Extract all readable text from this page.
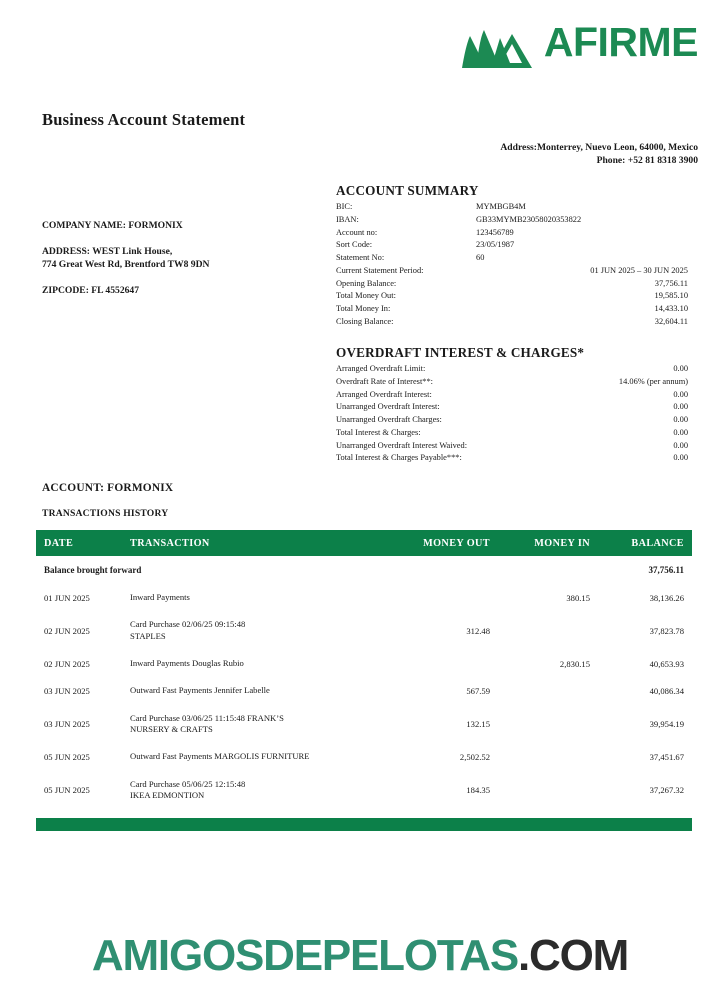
AFIRME
Business Account Statement
Address:Monterrey, Nuevo Leon, 64000, Mexico
Phone: +52 81 8318 3900
COMPANY NAME: FORMONIX
ADDRESS: WEST Link House,
774 Great West Rd, Brentford TW8 9DN
ZIPCODE: FL 4552647
ACCOUNT SUMMARY
BIC:	MYMBGB4M
IBAN:	GB33MYMB23058020353822
Account no:	123456789
Sort Code:	23/05/1987
Statement No:	60
Current Statement Period:	01 JUN 2025 – 30 JUN 2025
Opening Balance:	37,756.11
Total Money Out:	19,585.10
Total Money In:	14,433.10
Closing Balance:	32,604.11
OVERDRAFT INTEREST & CHARGES*
Arranged Overdraft Limit:	0.00
Overdraft Rate of Interest**:	14.06% (per annum)
Arranged Overdraft Interest:	0.00
Unarranged Overdraft Interest:	0.00
Unarranged Overdraft Charges:	0.00
Total Interest & Charges:	0.00
Unarranged Overdraft Interest Waived:	0.00
Total Interest & Charges Payable***:	0.00
ACCOUNT: FORMONIX
TRANSACTIONS HISTORY
DATE	TRANSACTION	MONEY OUT	MONEY IN	BALANCE
Balance brought forward				37,756.11
01 JUN 2025	Inward Payments		380.15	38,136.26
02 JUN 2025	Card Purchase 02/06/25 09:15:48
STAPLES	312.48		37,823.78
02 JUN 2025	Inward Payments Douglas Rubio		2,830.15	40,653.93
03 JUN 2025	Outward Fast Payments Jennifer Labelle	567.59		40,086.34
03 JUN 2025	Card Purchase 03/06/25 11:15:48 FRANK’S
NURSERY & CRAFTS	132.15		39,954.19
05 JUN 2025	Outward Fast Payments MARGOLIS FURNITURE	2,502.52		37,451.67
05 JUN 2025	Card Purchase 05/06/25 12:15:48
IKEA EDMONTION	184.35		37,267.32

AMIGOSDEPELOTAS.COM
